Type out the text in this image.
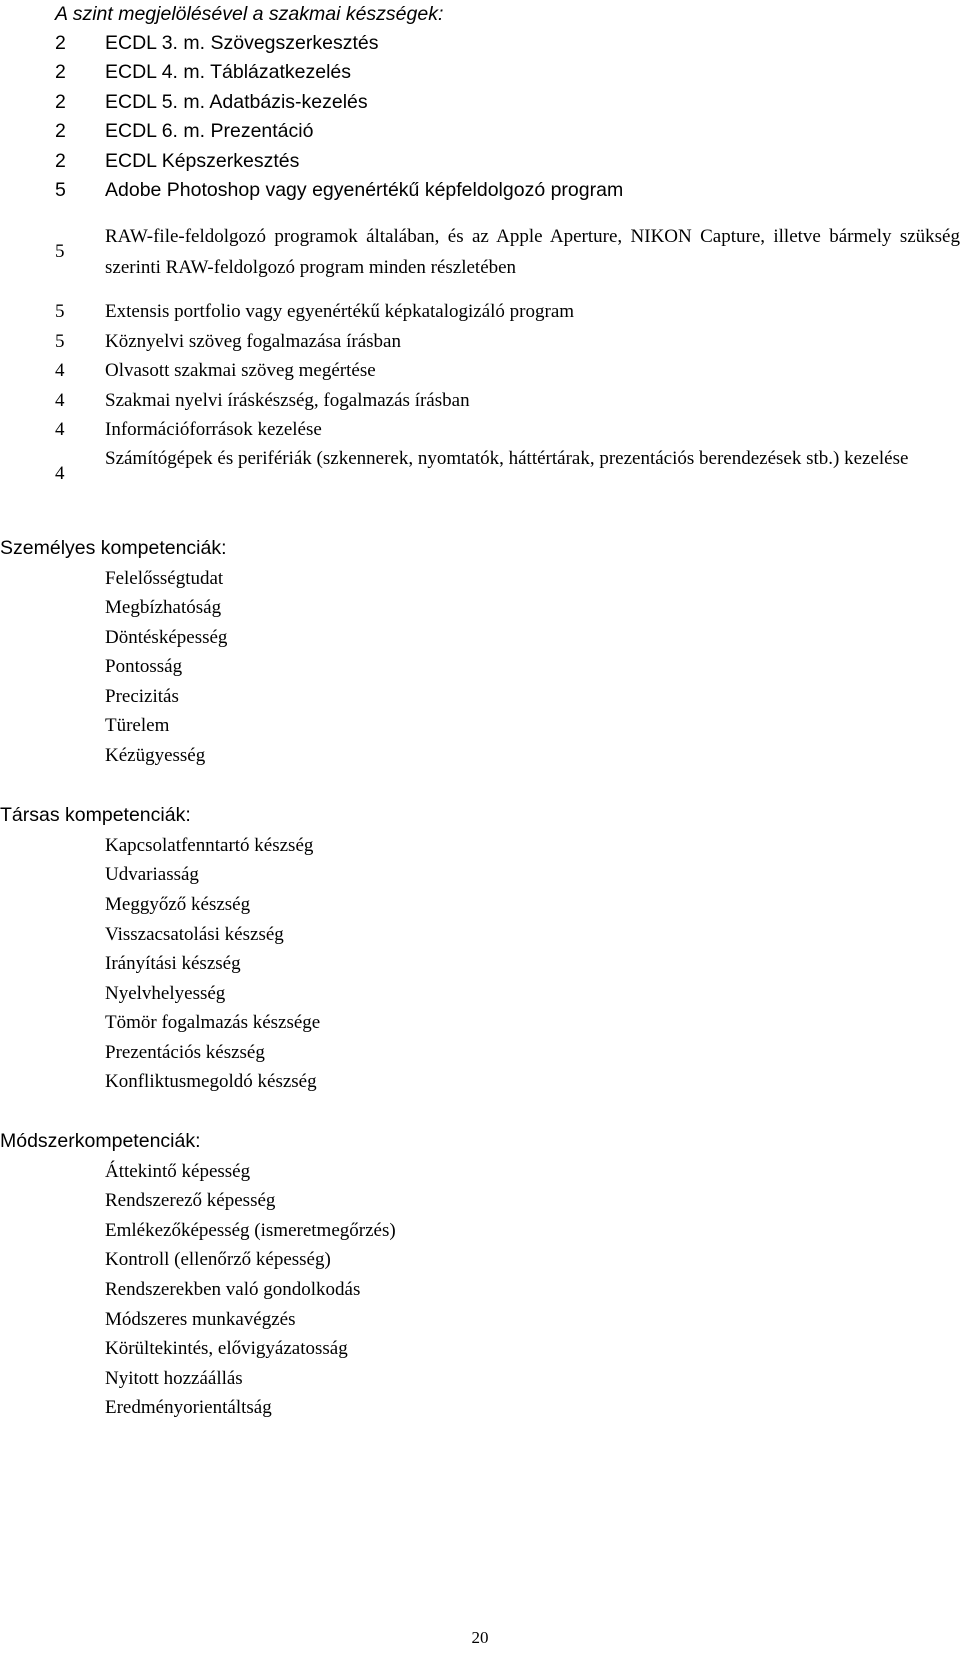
A szint megjelölésével a szakmai készségek:
2 ECDL 3. m. Szövegszerkesztés
2 ECDL 4. m. Táblázatkezelés
2 ECDL 5. m. Adatbázis-kezelés
2 ECDL 6. m. Prezentáció
2 ECDL Képszerkesztés
5 Adobe Photoshop vagy egyenértékű képfeldolgozó program
5
RAW-file-feldolgozó programok általában, és az Apple Aperture, NIKON Capture, illetve bármely szükség szerinti RAW-feldolgozó program minden részletében
5 Extensis portfolio vagy egyenértékű képkatalogizáló program
5 Köznyelvi szöveg fogalmazása írásban
4 Olvasott szakmai szöveg megértése
4 Szakmai nyelvi íráskészség, fogalmazás írásban
4 Információforrások kezelése
4
Számítógépek és perifériák (szkennerek, nyomtatók, háttértárak, prezentációs berendezések stb.) kezelése
Személyes kompetenciák:
Felelősségtudat
Megbízhatóság
Döntésképesség
Pontosság
Precizitás
Türelem
Kézügyesség
Társas kompetenciák:
Kapcsolatfenntartó készség
Udvariasság
Meggyőző készség
Visszacsatolási készség
Irányítási készség
Nyelvhelyesség
Tömör fogalmazás készsége
Prezentációs készség
Konfliktusmegoldó készség
Módszerkompetenciák:
Áttekintő képesség
Rendszerező képesség
Emlékezőképesség (ismeretmegőrzés)
Kontroll (ellenőrző képesség)
Rendszerekben való gondolkodás
Módszeres munkavégzés
Körültekintés, elővigyázatosság
Nyitott hozzáállás
Eredményorientáltság
20
